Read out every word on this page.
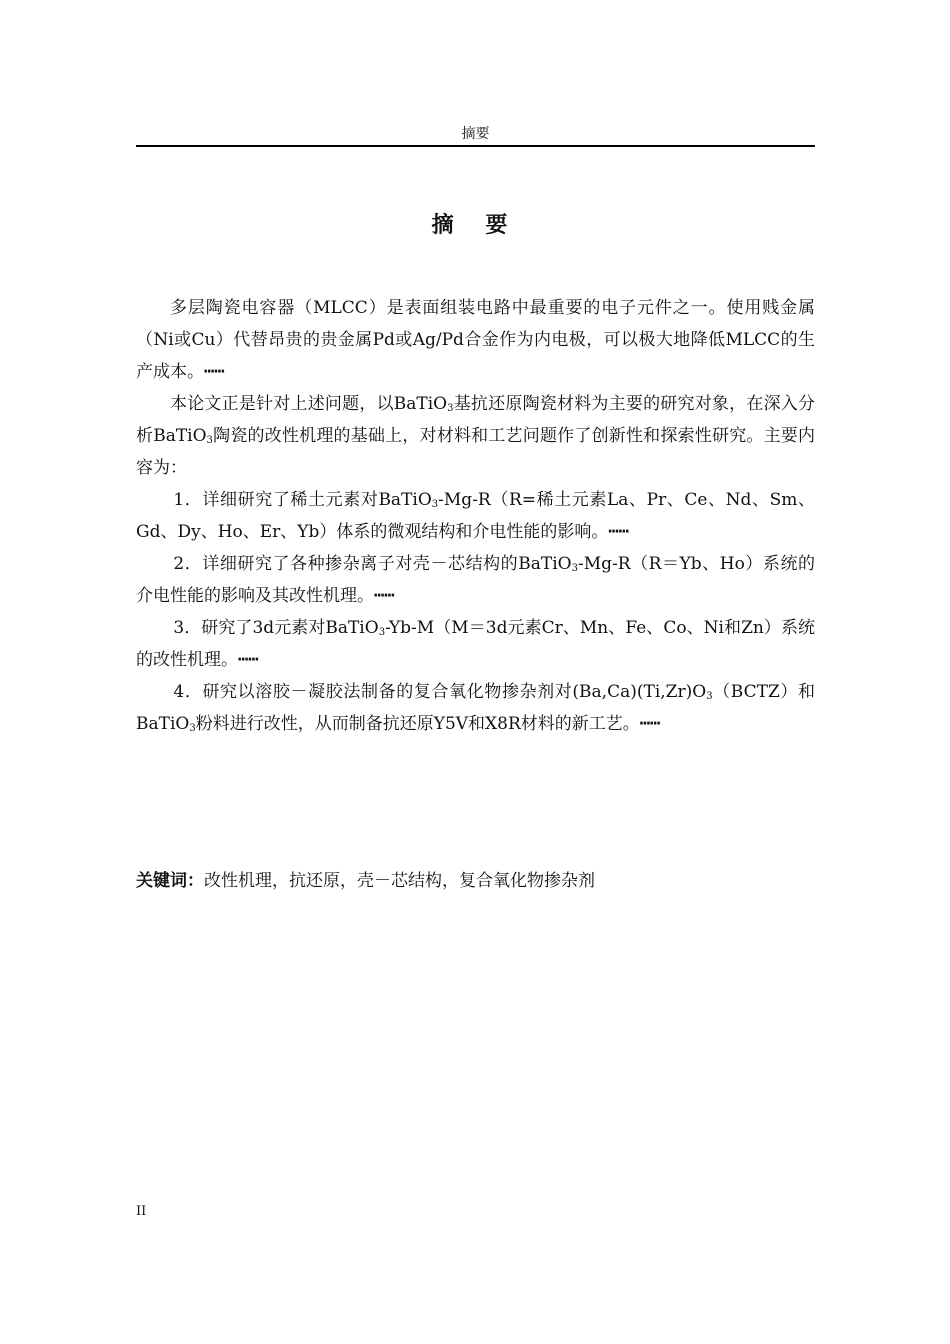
摘要
摘 要

多层陶瓷电容器（MLCC）是表面组装电路中最重要的电子元件之一。使用贱金属（Ni或Cu）代替昂贵的贵金属Pd或Ag/Pd合金作为内电极，可以极大地降低MLCC的生产成本。┅┅

本论文正是针对上述问题，以BaTiO$_3$基抗还原陶瓷材料为主要的研究对象，在深入分析BaTiO$_3$陶瓷的改性机理的基础上，对材料和工艺问题作了创新性和探索性研究。主要内容为：

1．详细研究了稀土元素对BaTiO$_3$-Mg-R（R=稀土元素La、Pr、Ce、Nd、Sm、Gd、Dy、Ho、Er、Yb）体系的微观结构和介电性能的影响。┅┅

2．详细研究了各种掺杂离子对壳－芯结构的BaTiO$_3$-Mg-R（R＝Yb、Ho）系统的介电性能的影响及其改性机理。┅┅

3．研究了3d元素对BaTiO$_3$-Yb-M（M＝3d元素Cr、Mn、Fe、Co、Ni和Zn）系统的改性机理。┅┅

4．研究以溶胶－凝胶法制备的复合氧化物掺杂剂对$(Ba,Ca)(Ti,Zr)O_3(BCTZ)$和BaTiO$_3$粉料进行改性，从而制备抗还原Y5V和X8R材料的新工艺。┅┅

关键词：改性机理，抗还原，壳－芯结构，复合氧化物掺杂剂
II
